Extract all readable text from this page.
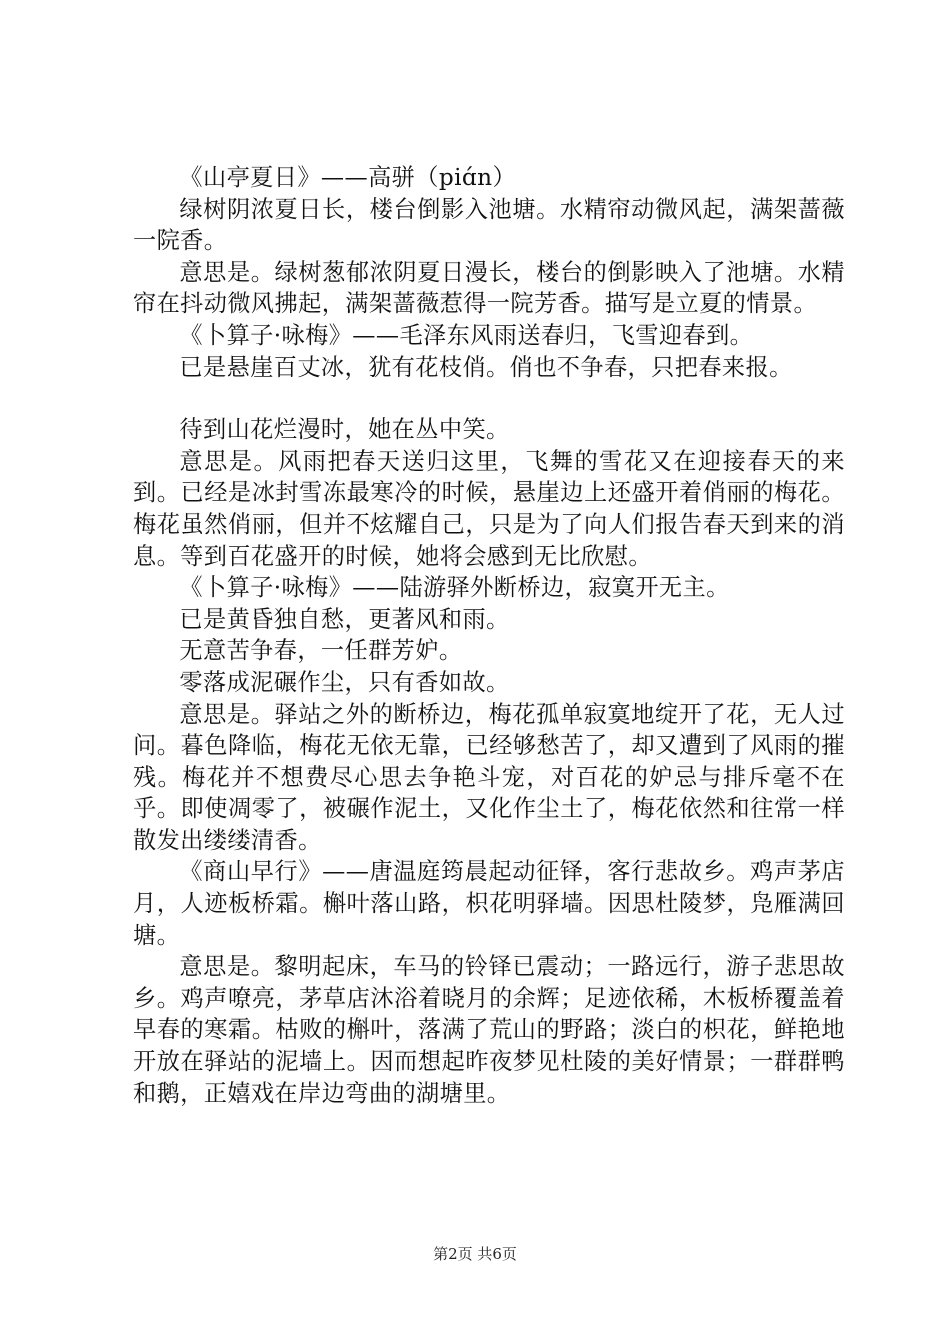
《山亭夏日》——高骈（piɑ́n）

绿树阴浓夏日长，楼台倒影入池塘。水精帘动微风起，满架蔷薇一院香。

意思是。绿树葱郁浓阴夏日漫长，楼台的倒影映入了池塘。水精帘在抖动微风拂起，满架蔷薇惹得一院芳香。描写是立夏的情景。

《卜算子·咏梅》——毛泽东风雨送春归，飞雪迎春到。

已是悬崖百丈冰，犹有花枝俏。俏也不争春，只把春来报。

待到山花烂漫时，她在丛中笑。

意思是。风雨把春天送归这里，飞舞的雪花又在迎接春天的来到。已经是冰封雪冻最寒冷的时候，悬崖边上还盛开着俏丽的梅花。梅花虽然俏丽，但并不炫耀自己，只是为了向人们报告春天到来的消息。等到百花盛开的时候，她将会感到无比欣慰。

《卜算子·咏梅》——陆游驿外断桥边，寂寞开无主。

已是黄昏独自愁，更著风和雨。

无意苦争春，一任群芳妒。

零落成泥碾作尘，只有香如故。

意思是。驿站之外的断桥边，梅花孤单寂寞地绽开了花，无人过问。暮色降临，梅花无依无靠，已经够愁苦了，却又遭到了风雨的摧残。梅花并不想费尽心思去争艳斗宠，对百花的妒忌与排斥毫不在乎。即使凋零了，被碾作泥土，又化作尘土了，梅花依然和往常一样散发出缕缕清香。

《商山早行》——唐温庭筠晨起动征铎，客行悲故乡。鸡声茅店月，人迹板桥霜。槲叶落山路，枳花明驿墙。因思杜陵梦，凫雁满回塘。

意思是。黎明起床，车马的铃铎已震动；一路远行，游子悲思故乡。鸡声嘹亮，茅草店沐浴着晓月的余辉；足迹依稀，木板桥覆盖着早春的寒霜。枯败的槲叶，落满了荒山的野路；淡白的枳花，鲜艳地开放在驿站的泥墙上。因而想起昨夜梦见杜陵的美好情景；一群群鸭和鹅，正嬉戏在岸边弯曲的湖塘里。

第2页 共6页
